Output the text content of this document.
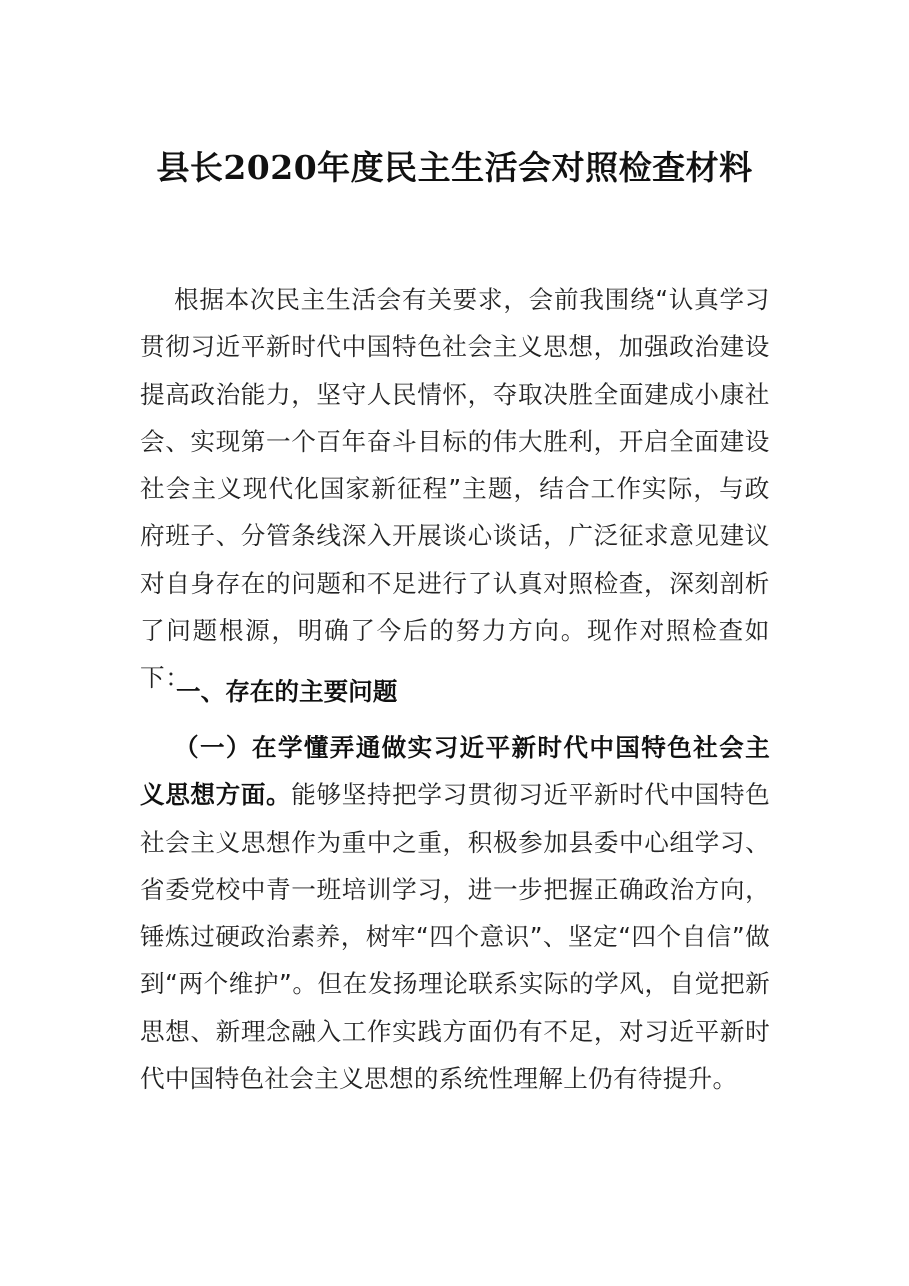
县长2020年度民主生活会对照检查材料

根据本次民主生活会有关要求，会前我围绕“认真学习贯彻习近平新时代中国特色社会主义思想，加强政治建设提高政治能力，坚守人民情怀，夺取决胜全面建成小康社会、实现第一个百年奋斗目标的伟大胜利，开启全面建设社会主义现代化国家新征程”主题，结合工作实际，与政府班子、分管条线深入开展谈心谈话，广泛征求意见建议对自身存在的问题和不足进行了认真对照检查，深刻剖析了问题根源，明确了今后的努力方向。现作对照检查如下：

一、存在的主要问题

（一）在学懂弄通做实习近平新时代中国特色社会主义思想方面。能够坚持把学习贯彻习近平新时代中国特色社会主义思想作为重中之重，积极参加县委中心组学习、省委党校中青一班培训学习，进一步把握正确政治方向，锤炼过硬政治素养，树牢“四个意识”、坚定“四个自信”做到“两个维护”。但在发扬理论联系实际的学风，自觉把新思想、新理念融入工作实践方面仍有不足，对习近平新时代中国特色社会主义思想的系统性理解上仍有待提升。
